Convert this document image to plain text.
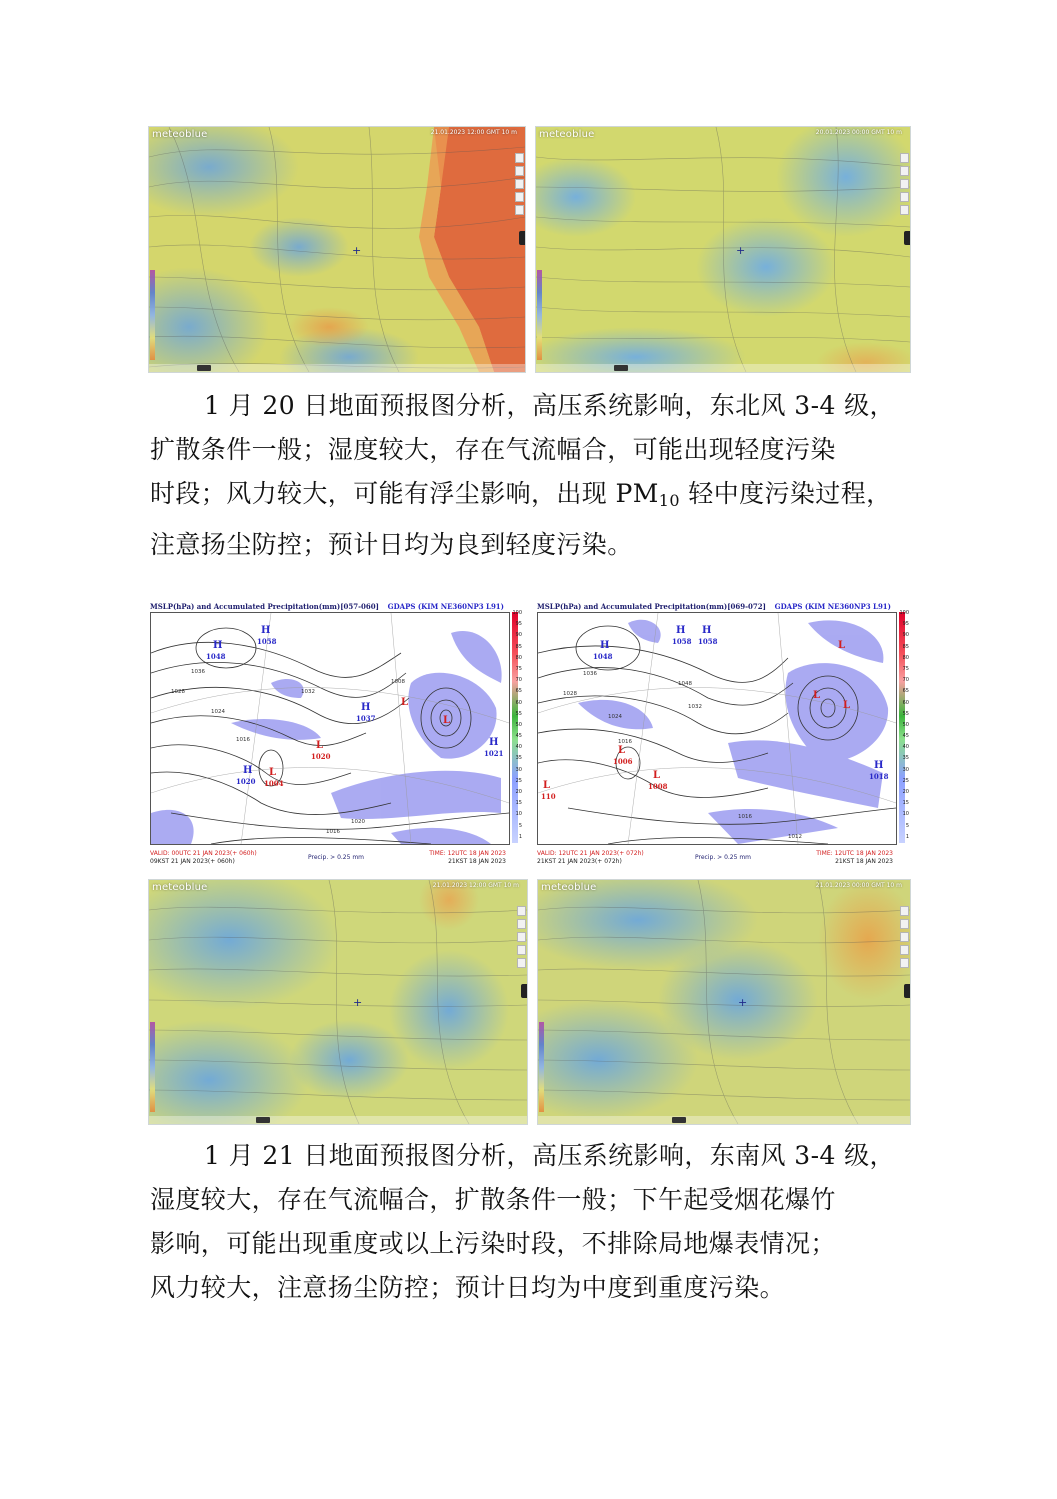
meteoblue	21.01.2023 12:00 GMT 10 m
+
meteoblue	20.01.2023 00:00 GMT 10 m
+

1 月 20 日地面预报图分析，高压系统影响，东北风 3-4 级，

扩散条件一般；湿度较大，存在气流幅合，可能出现轻度污染

时段；风力较大，可能有浮尘影响，出现 $PM_{10}$ 轻中度污染过程，

注意扬尘防控；预计日均为良到轻度污染。

MSLP(hPa) and Accumulated Precipitation(mm)[057-060] GDAPS (KIM NE360NP3 L91)
H
1048
H
1058
H
1037
H
1021
H
1020
L
1020
L
1004
L
L
1036
1028
1024
1016
1020
1016
1032
1008
100
95
90
85
80
75
70
65
60
55
50
45
40
35
30
25
20
15
10
5
1
VALID: 00UTC 21 JAN 2023(+ 060h)
09KST 21 JAN 2023(+ 060h)
Precip. > 0.25 mm
TIME: 12UTC 18 JAN 2023
21KST 18 JAN 2023
MSLP(hPa) and Accumulated Precipitation(mm)[069-072] GDAPS (KIM NE360NP3 L91)
H
1048
H
1058
H
1058
H
1018
L
1006
L
1008
L
L
L
L
110
1036
1028
1024
1016
1016
1012
1048
1032
100
95
90
85
80
75
70
65
60
55
50
45
40
35
30
25
20
15
10
5
1
VALID: 12UTC 21 JAN 2023(+ 072h)
21KST 21 JAN 2023(+ 072h)
Precip. > 0.25 mm
TIME: 12UTC 18 JAN 2023
21KST 18 JAN 2023
meteoblue	21.01.2023 12:00 GMT 10 m
+
meteoblue	21.01.2023 00:00 GMT 10 m
+

1 月 21 日地面预报图分析，高压系统影响，东南风 3-4 级，

湿度较大，存在气流幅合，扩散条件一般；下午起受烟花爆竹

影响，可能出现重度或以上污染时段，不排除局地爆表情况；

风力较大，注意扬尘防控；预计日均为中度到重度污染。
